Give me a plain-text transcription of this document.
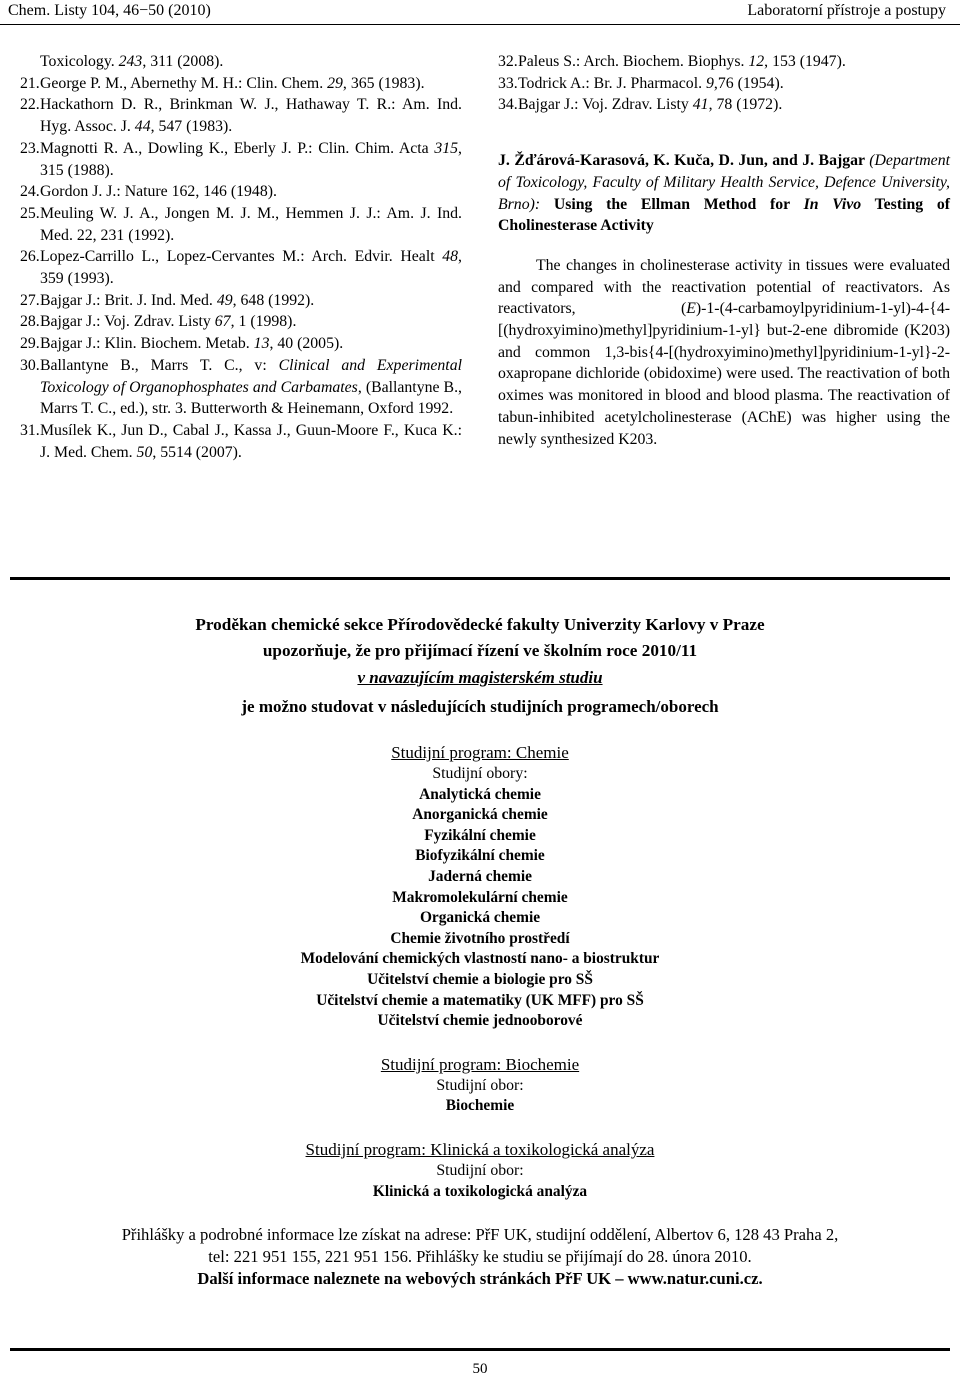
Chem. Listy 104, 46−50 (2010)	Laboratorní přístroje a postupy
Toxicology. 243, 311 (2008).
21.George P. M., Abernethy M. H.: Clin. Chem. 29, 365 (1983).
22.Hackathorn D. R., Brinkman W. J., Hathaway T. R.: Am. Ind. Hyg. Assoc. J. 44, 547 (1983).
23.Magnotti R. A., Dowling K., Eberly J. P.: Clin. Chim. Acta 315, 315 (1988).
24.Gordon J. J.: Nature 162, 146 (1948).
25.Meuling W. J. A., Jongen M. J. M., Hemmen J. J.: Am. J. Ind. Med. 22, 231 (1992).
26.Lopez-Carrillo L., Lopez-Cervantes M.: Arch. Edvir. Healt 48, 359 (1993).
27.Bajgar J.: Brit. J. Ind. Med. 49, 648 (1992).
28.Bajgar J.: Voj. Zdrav. Listy 67, 1 (1998).
29.Bajgar J.: Klin. Biochem. Metab. 13, 40 (2005).
30.Ballantyne B., Marrs T. C., v: Clinical and Experimental Toxicology of Organophosphates and Carbamates, (Ballantyne B., Marrs T. C., ed.), str. 3. Butterworth & Heinemann, Oxford 1992.
31.Musílek K., Jun D., Cabal J., Kassa J., Guun-Moore F., Kuca K.: J. Med. Chem. 50, 5514 (2007).
32.Paleus S.: Arch. Biochem. Biophys. 12, 153 (1947).
33.Todrick A.: Br. J. Pharmacol. 9,76 (1954).
34.Bajgar J.: Voj. Zdrav. Listy 41, 78 (1972).
J. Žďárová-Karasová, K. Kuča, D. Jun, and J. Bajgar (Department of Toxicology, Faculty of Military Health Service, Defence University, Brno): Using the Ellman Method for In Vivo Testing of Cholinesterase Activity
The changes in cholinesterase activity in tissues were evaluated and compared with the reactivation potential of reactivators. As reactivators, (E)-1-(4-carbamoylpyridinium-1-yl)-4-{4-[(hydroxyimino)methyl]pyridinium-1-yl} but-2-ene dibromide (K203) and common 1,3-bis{4-[(hydroxyimino)methyl]pyridinium-1-yl}-2-oxapropane dichloride (obidoxime) were used. The reactivation of both oximes was monitored in blood and blood plasma. The reactivation of tabun-inhibited acetylcholinesterase (AChE) was higher using the newly synthesized K203.
Proděkan chemické sekce Přírodovědecké fakulty Univerzity Karlovy v Praze
upozorňuje, že pro přijímací řízení ve školním roce 2010/11
v navazujícím magisterském studiu
je možno studovat v následujících studijních programech/oborech
Studijní program: Chemie
Studijní obory:
Analytická chemie
Anorganická chemie
Fyzikální chemie
Biofyzikální chemie
Jaderná chemie
Makromolekulární chemie
Organická chemie
Chemie životního prostředí
Modelování chemických vlastností nano- a biostruktur
Učitelství chemie a biologie pro SŠ
Učitelství chemie a matematiky (UK MFF) pro SŠ
Učitelství chemie jednooborové
Studijní program: Biochemie
Studijní obor:
Biochemie
Studijní program: Klinická a toxikologická analýza
Studijní obor:
Klinická a toxikologická analýza
Přihlášky a podrobné informace lze získat na adrese: PřF UK, studijní oddělení, Albertov 6, 128 43 Praha 2,
tel: 221 951 155, 221 951 156. Přihlášky ke studiu se přijímají do 28. února 2010.
Další informace naleznete na webových stránkách PřF UK – www.natur.cuni.cz.
50
